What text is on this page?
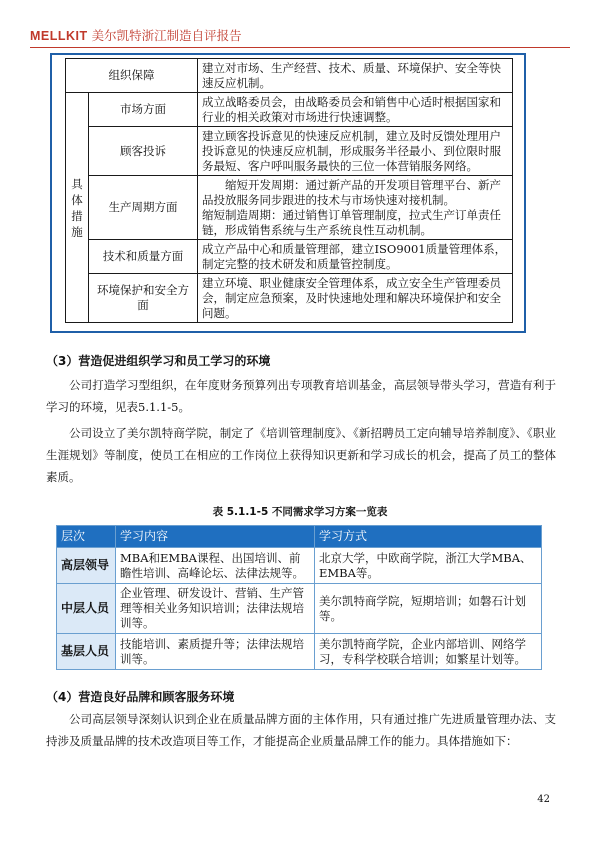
MELLKIT 美尔凯特浙江制造自评报告
组织保障		建立对市场、生产经营、技术、质量、环境保护、安全等快速反应机制。
具体措施	市场方面	成立战略委员会，由战略委员会和销售中心适时根据国家和行业的相关政策对市场进行快速调整。
	顾客投诉	建立顾客投诉意见的快速反应机制，建立及时反馈处理用户投诉意见的快速反应机制，形成服务半径最小、到位限时服务最短、客户呼叫服务最快的三位一体营销服务网络。
	生产周期方面	缩短开发周期：通过新产品的开发项目管理平台、新产品投放服务同步跟进的技术与市场快速对接机制。
缩短制造周期：通过销售订单管理制度，拉式生产订单责任链，形成销售系统与生产系统良性互动机制。

	技术和质量方面	成立产品中心和质量管理部，建立ISO9001质量管理体系，制定完整的技术研发和质量管控制度。
	环境保护和安全方面	建立环境、职业健康安全管理体系，成立安全生产管理委员会，制定应急预案，及时快速地处理和解决环境保护和安全问题。
（3）营造促进组织学习和员工学习的环境
公司打造学习型组织，在年度财务预算列出专项教育培训基金，高层领导带头学习，营造有利于学习的环境，见表5.1.1-5。
公司设立了美尔凯特商学院，制定了《培训管理制度》、《新招聘员工定向辅导培养制度》、《职业生涯规划》等制度，使员工在相应的工作岗位上获得知识更新和学习成长的机会，提高了员工的整体素质。
表 5.1.1-5 不同需求学习方案一览表
层次	学习内容	学习方式
高层领导	MBA和EMBA课程、出国培训、前瞻性培训、高峰论坛、法律法规等。	北京大学，中欧商学院，浙江大学MBA、EMBA等。
中层人员	企业管理、研发设计、营销、生产管理等相关业务知识培训；法律法规培训等。	美尔凯特商学院，短期培训；如磐石计划等。
基层人员	技能培训、素质提升等；法律法规培训等。	美尔凯特商学院，企业内部培训、网络学习，专科学校联合培训；如繁星计划等。
（4）营造良好品牌和顾客服务环境
公司高层领导深刻认识到企业在质量品牌方面的主体作用，只有通过推广先进质量管理办法、支持涉及质量品牌的技术改造项目等工作，才能提高企业质量品牌工作的能力。具体措施如下：
42
